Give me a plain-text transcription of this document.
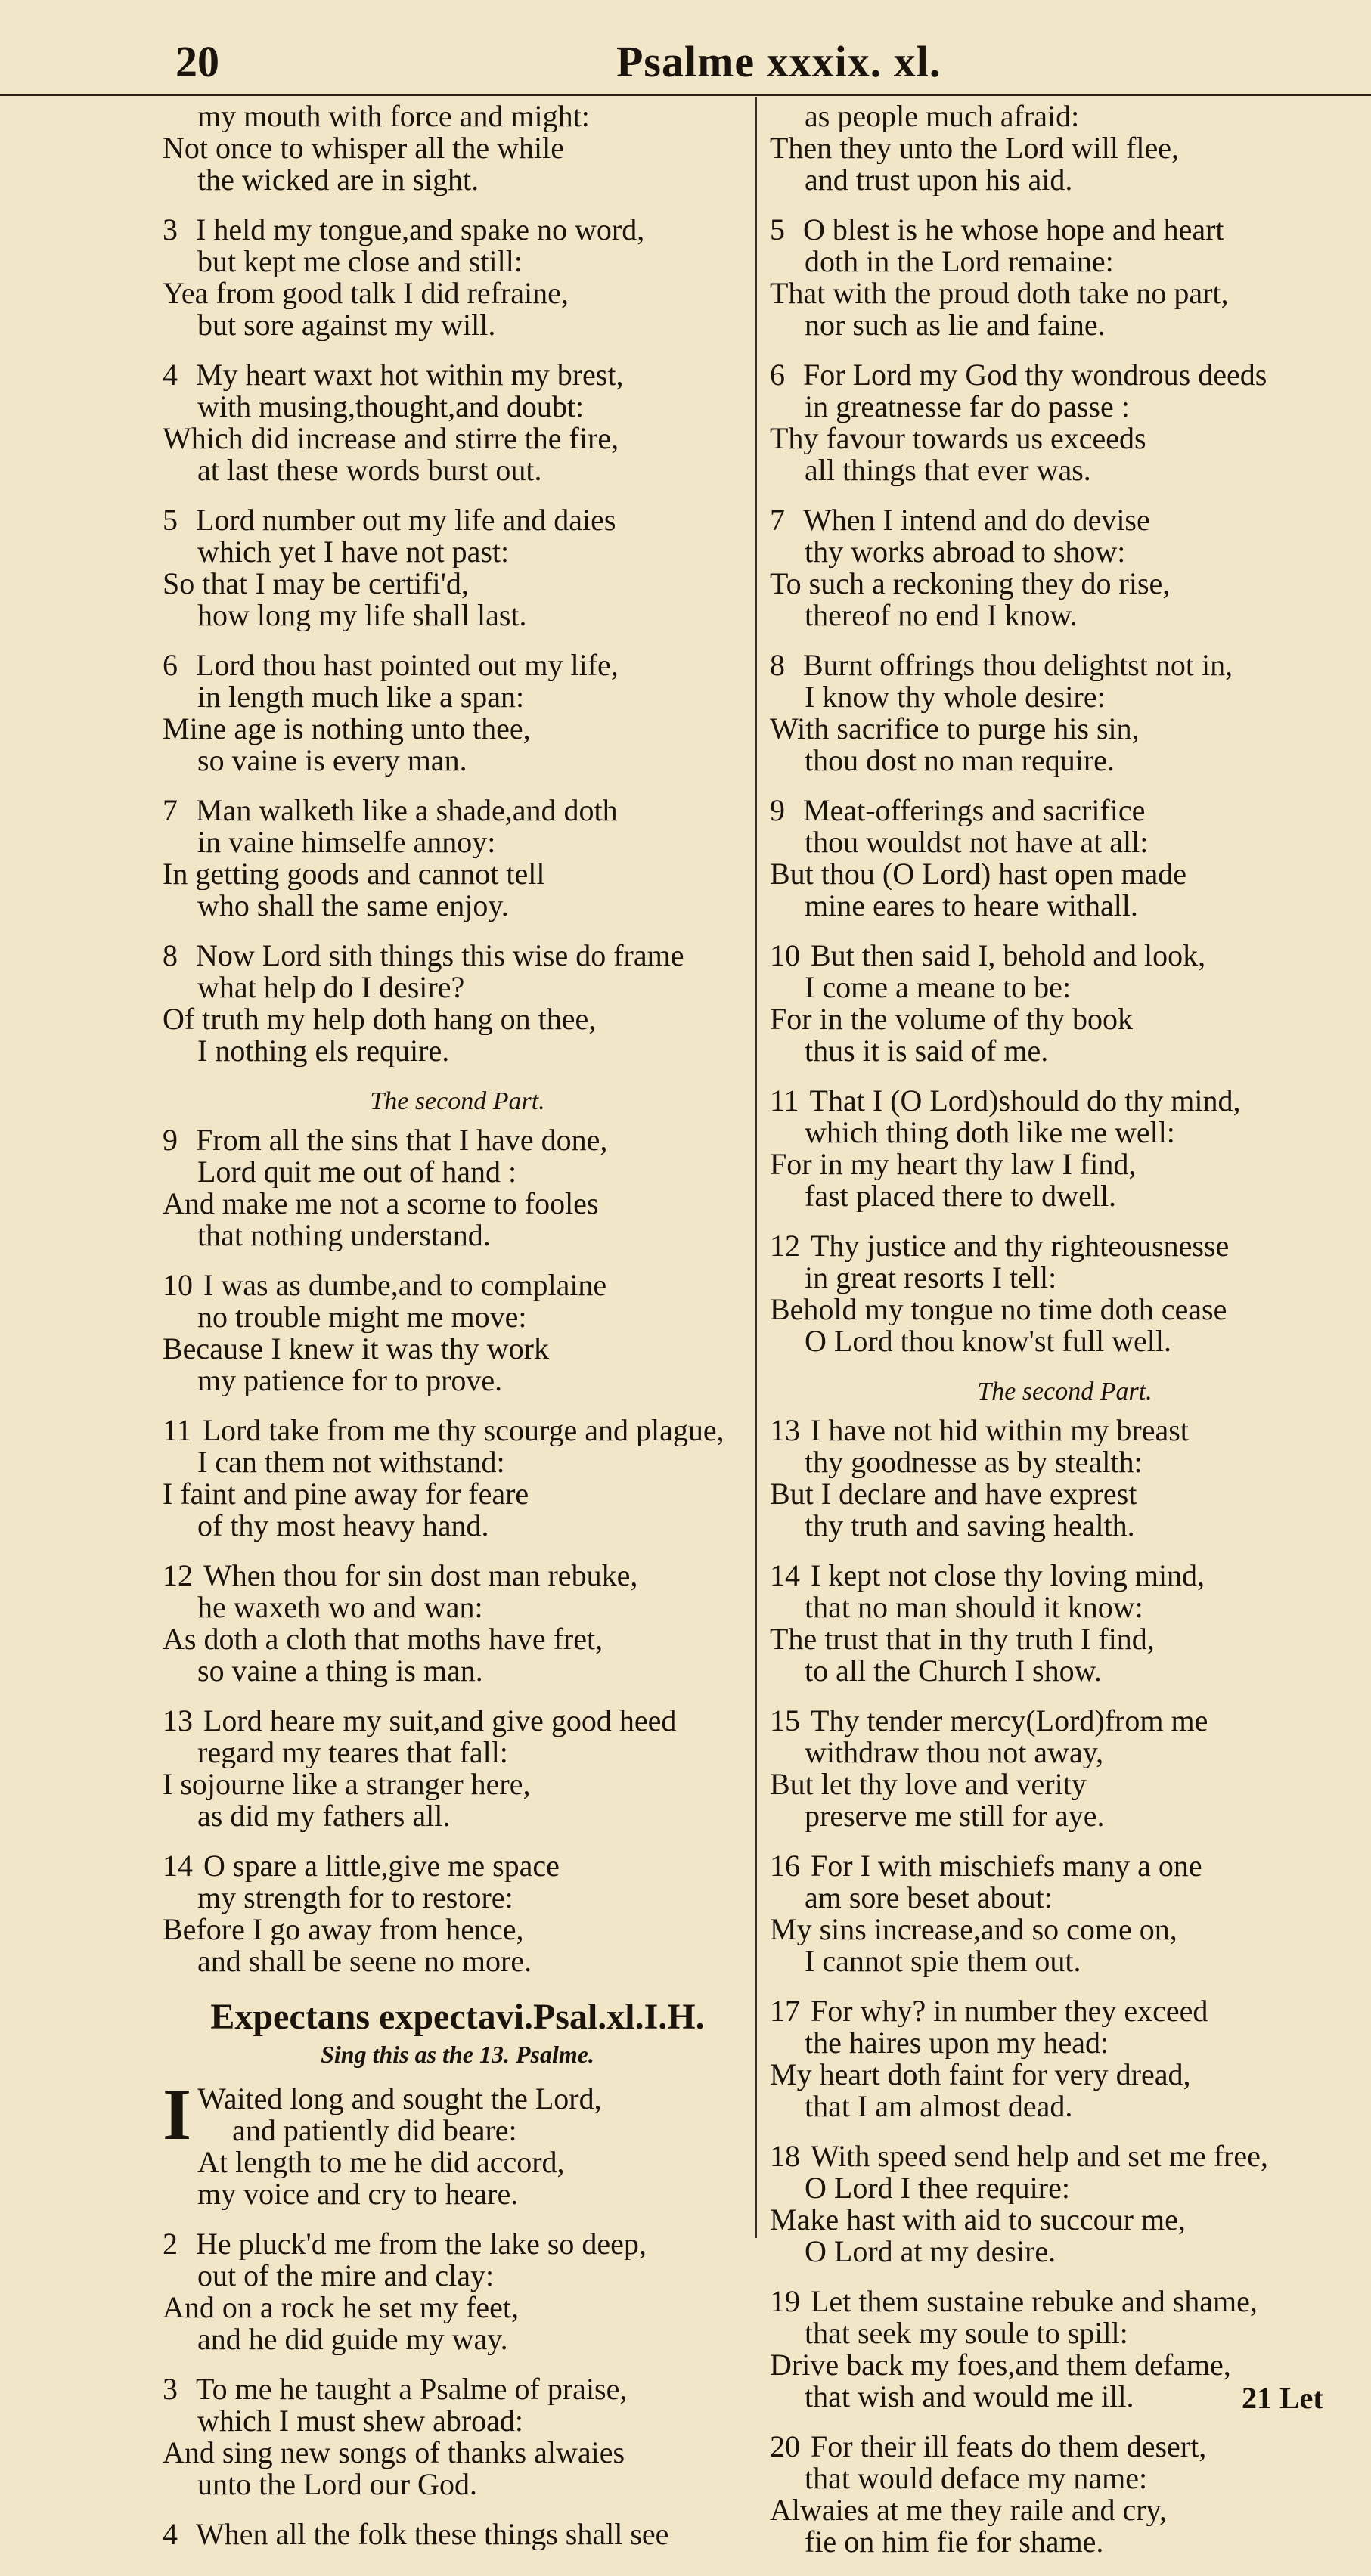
20	Psalme xxxix. xl.
my mouth with force and might:
Not once to whisper all the while
the wicked are in sight.
3 I held my tongue,and spake no word,
but kept me close and still:
Yea from good talk I did refraine,
but sore against my will.
4 My heart waxt hot within my brest,
with musing,thought,and doubt:
Which did increase and stirre the fire,
at last these words burst out.
5 Lord number out my life and daies
which yet I have not past:
So that I may be certifi'd,
how long my life shall last.
6 Lord thou hast pointed out my life,
in length much like a span:
Mine age is nothing unto thee,
so vaine is every man.
7 Man walketh like a shade,and doth
in vaine himselfe annoy:
In getting goods and cannot tell
who shall the same enjoy.
8 Now Lord sith things this wise do frame
what help do I desire?
Of truth my help doth hang on thee,
I nothing els require.
The second Part.
9 From all the sins that I have done,
Lord quit me out of hand :
And make me not a scorne to fooles
that nothing understand.
10 I was as dumbe,and to complaine
no trouble might me move:
Because I knew it was thy work
my patience for to prove.
11 Lord take from me thy scourge and plague,
I can them not withstand:
I faint and pine away for feare
of thy most heavy hand.
12 When thou for sin dost man rebuke,
he waxeth wo and wan:
As doth a cloth that moths have fret,
so vaine a thing is man.
13 Lord heare my suit,and give good heed
regard my teares that fall:
I sojourne like a stranger here,
as did my fathers all.
14 O spare a little,give me space
my strength for to restore:
Before I go away from hence,
and shall be seene no more.
Expectans expectavi.Psal.xl.I.H.
Sing this as the 13. Psalme.
I Waited long and sought the Lord,
and patiently did beare:
At length to me he did accord,
my voice and cry to heare.
2 He pluck'd me from the lake so deep,
out of the mire and clay:
And on a rock he set my feet,
and he did guide my way.
3 To me he taught a Psalme of praise,
which I must shew abroad:
And sing new songs of thanks alwaies
unto the Lord our God.
4 When all the folk these things shall see
as people much afraid:
Then they unto the Lord will flee,
and trust upon his aid.
5 O blest is he whose hope and heart
doth in the Lord remaine:
That with the proud doth take no part,
nor such as lie and faine.
6 For Lord my God thy wondrous deeds
in greatnesse far do passe :
Thy favour towards us exceeds
all things that ever was.
7 When I intend and do devise
thy works abroad to show:
To such a reckoning they do rise,
thereof no end I know.
8 Burnt offrings thou delightst not in,
I know thy whole desire:
With sacrifice to purge his sin,
thou dost no man require.
9 Meat-offerings and sacrifice
thou wouldst not have at all:
But thou (O Lord) hast open made
mine eares to heare withall.
10 But then said I, behold and look,
I come a meane to be:
For in the volume of thy book
thus it is said of me.
11 That I (O Lord)should do thy mind,
which thing doth like me well:
For in my heart thy law I find,
fast placed there to dwell.
12 Thy justice and thy righteousnesse
in great resorts I tell:
Behold my tongue no time doth cease
O Lord thou know'st full well.
The second Part.
13 I have not hid within my breast
thy goodnesse as by stealth:
But I declare and have exprest
thy truth and saving health.
14 I kept not close thy loving mind,
that no man should it know:
The trust that in thy truth I find,
to all the Church I show.
15 Thy tender mercy(Lord)from me
withdraw thou not away,
But let thy love and verity
preserve me still for aye.
16 For I with mischiefs many a one
am sore beset about:
My sins increase,and so come on,
I cannot spie them out.
17 For why? in number they exceed
the haires upon my head:
My heart doth faint for very dread,
that I am almost dead.
18 With speed send help and set me free,
O Lord I thee require:
Make hast with aid to succour me,
O Lord at my desire.
19 Let them sustaine rebuke and shame,
that seek my soule to spill:
Drive back my foes,and them defame,
that wish and would me ill.
20 For their ill feats do them desert,
that would deface my name:
Alwaies at me they raile and cry,
fie on him fie for shame.
21 Let
